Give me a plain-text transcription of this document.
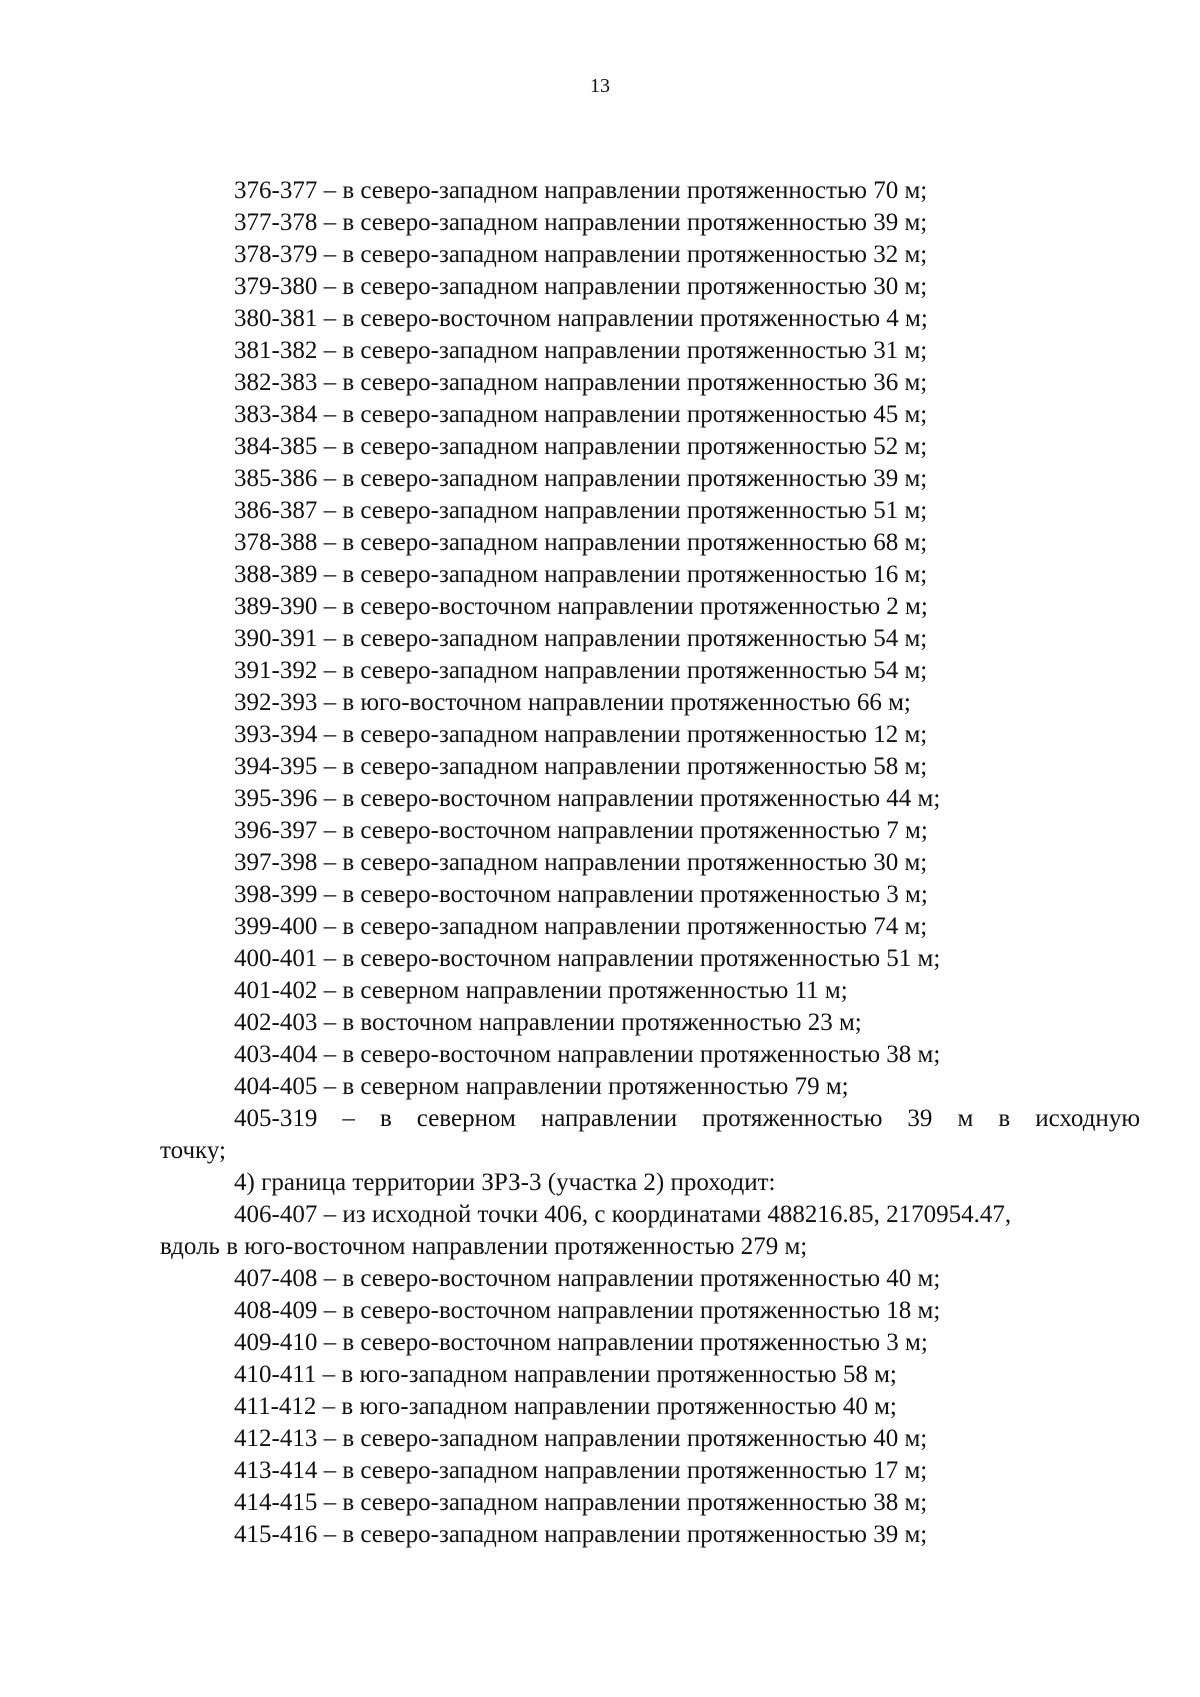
13
376-377 – в северо-западном направлении протяженностью 70 м;
377-378 – в северо-западном направлении протяженностью 39 м;
378-379 – в северо-западном направлении протяженностью 32 м;
379-380 – в северо-западном направлении протяженностью 30 м;
380-381 – в северо-восточном направлении протяженностью 4 м;
381-382 – в северо-западном направлении протяженностью 31 м;
382-383 – в северо-западном направлении протяженностью 36 м;
383-384 – в северо-западном направлении протяженностью 45 м;
384-385 – в северо-западном направлении протяженностью 52 м;
385-386 – в северо-западном направлении протяженностью 39 м;
386-387 – в северо-западном направлении протяженностью 51 м;
378-388 – в северо-западном направлении протяженностью 68 м;
388-389 – в северо-западном направлении протяженностью 16 м;
389-390 – в северо-восточном направлении протяженностью 2 м;
390-391 – в северо-западном направлении протяженностью 54 м;
391-392 – в северо-западном направлении протяженностью 54 м;
392-393 – в юго-восточном направлении протяженностью 66 м;
393-394 – в северо-западном направлении протяженностью 12 м;
394-395 – в северо-западном направлении протяженностью 58 м;
395-396 – в северо-восточном направлении протяженностью 44 м;
396-397 – в северо-восточном направлении протяженностью 7 м;
397-398 – в северо-западном направлении протяженностью 30 м;
398-399 – в северо-восточном направлении протяженностью 3 м;
399-400 – в северо-западном направлении протяженностью 74 м;
400-401 – в северо-восточном направлении протяженностью 51 м;
401-402 – в северном направлении протяженностью 11 м;
402-403 – в восточном направлении протяженностью 23 м;
403-404 – в северо-восточном направлении протяженностью 38 м;
404-405 – в северном направлении протяженностью 79 м;
405-319 – в северном направлении протяженностью 39 м в исходную
точку;
4) граница территории ЗРЗ-3 (участка 2) проходит:
406-407 – из исходной точки 406, с координатами 488216.85, 2170954.47,
вдоль в юго-восточном направлении протяженностью 279 м;
407-408 – в северо-восточном направлении протяженностью 40 м;
408-409 – в северо-восточном направлении протяженностью 18 м;
409-410 – в северо-восточном направлении протяженностью 3 м;
410-411 – в юго-западном направлении протяженностью 58 м;
411-412 – в юго-западном направлении протяженностью 40 м;
412-413 – в северо-западном направлении протяженностью 40 м;
413-414 – в северо-западном направлении протяженностью 17 м;
414-415 – в северо-западном направлении протяженностью 38 м;
415-416 – в северо-западном направлении протяженностью 39 м;
